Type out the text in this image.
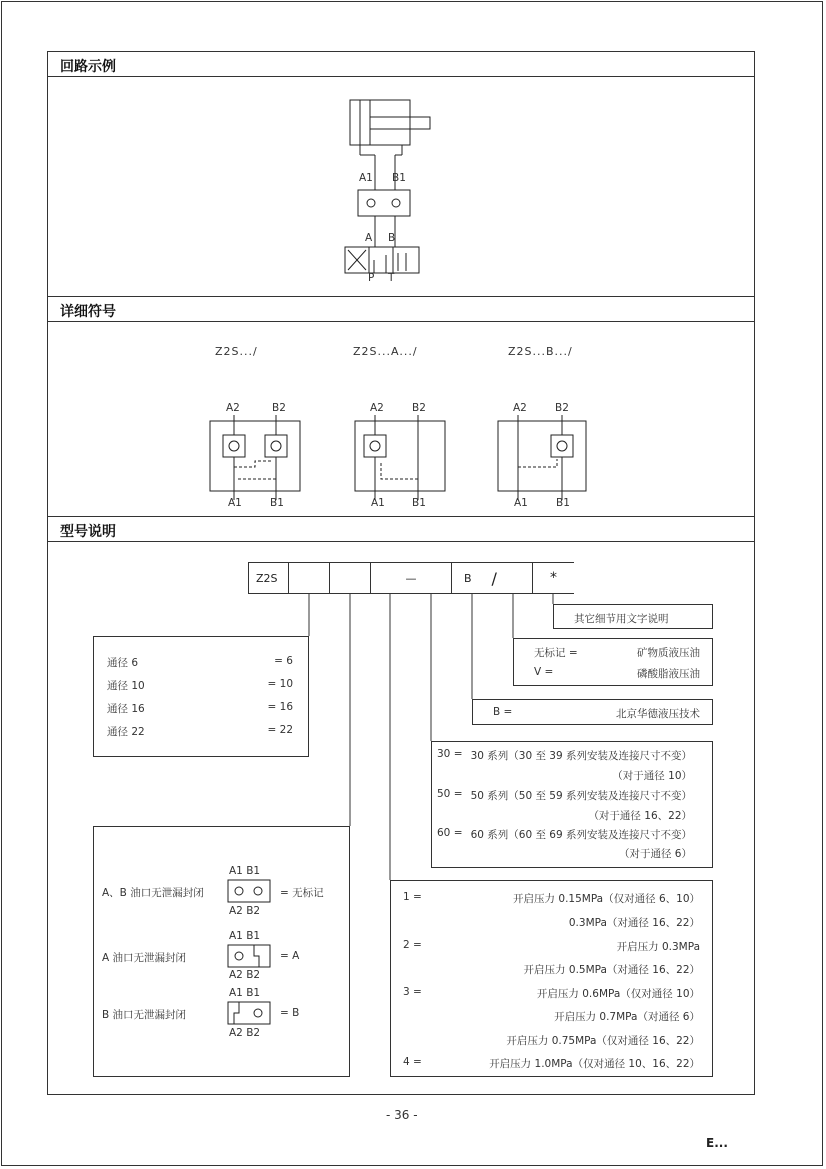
回路示例
详细符号
型号说明
A1 B1
A B
P T
Z2S.../	Z2S...A.../	Z2S...B.../
A2	B2
A1	B1
A2	B2
A1	B1
A2	B2
A1	B1
Z2S	—	B /	*
其它细节用文字说明
无标记 =	矿物质液压油
V =	磷酸脂液压油
B =	北京华德液压技术
30 = 30 系列（30 至 39 系列安装及连接尺寸不变）
（对于通径 10）
50 = 50 系列（50 至 59 系列安装及连接尺寸不变）
（对于通径 16、22）
60 = 60 系列（60 至 69 系列安装及连接尺寸不变）
（对于通径 6）
通径 6	= 6
通径 10	= 10
通径 16	= 16
通径 22	= 22
A、B 油口无泄漏封闭	= 无标记
A 油口无泄漏封闭	= A
B 油口无泄漏封闭	= B
A1 B1
A2 B2
A1 B1
A2 B2
A1 B1
A2 B2
1 =	开启压力 0.15MPa（仅对通径 6、10）
0.3MPa（对通径 16、22）
2 =	开启压力 0.3MPa
开启压力 0.5MPa（对通径 16、22）
3 =	开启压力 0.6MPa（仅对通径 10）
开启压力 0.7MPa（对通径 6）
开启压力 0.75MPa（仅对通径 16、22）
4 =	开启压力 1.0MPa（仅对通径 10、16、22）
- 36 -
E...
